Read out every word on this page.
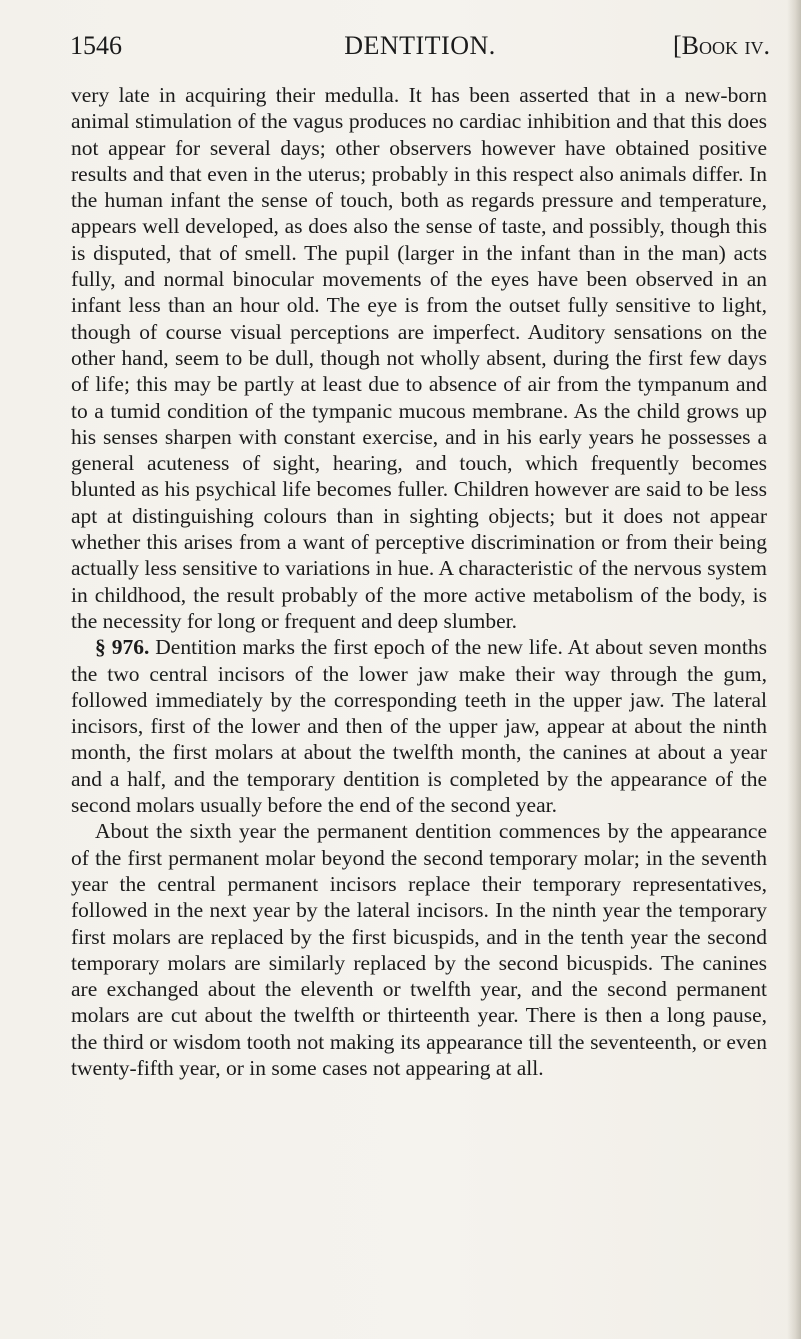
1546	DENTITION.	[Book iv.

very late in acquiring their medulla. It has been asserted that in a new-born animal stimulation of the vagus produces no cardiac inhibition and that this does not appear for several days; other observers however have obtained positive results and that even in the uterus; probably in this respect also animals differ. In the human infant the sense of touch, both as regards pressure and temperature, appears well developed, as does also the sense of taste, and possibly, though this is disputed, that of smell. The pupil (larger in the infant than in the man) acts fully, and normal binocular movements of the eyes have been observed in an infant less than an hour old. The eye is from the outset fully sensitive to light, though of course visual perceptions are imperfect. Auditory sensations on the other hand, seem to be dull, though not wholly absent, during the first few days of life; this may be partly at least due to absence of air from the tympanum and to a tumid condition of the tympanic mucous membrane. As the child grows up his senses sharpen with constant exercise, and in his early years he possesses a general acuteness of sight, hearing, and touch, which frequently becomes blunted as his psychical life becomes fuller. Children however are said to be less apt at distinguishing colours than in sighting objects; but it does not appear whether this arises from a want of perceptive discrimination or from their being actually less sensitive to variations in hue. A characteristic of the nervous system in childhood, the result probably of the more active metabolism of the body, is the necessity for long or frequent and deep slumber.

§ 976. Dentition marks the first epoch of the new life. At about seven months the two central incisors of the lower jaw make their way through the gum, followed immediately by the corresponding teeth in the upper jaw. The lateral incisors, first of the lower and then of the upper jaw, appear at about the ninth month, the first molars at about the twelfth month, the canines at about a year and a half, and the temporary dentition is completed by the appearance of the second molars usually before the end of the second year.

About the sixth year the permanent dentition commences by the appearance of the first permanent molar beyond the second temporary molar; in the seventh year the central permanent incisors replace their temporary representatives, followed in the next year by the lateral incisors. In the ninth year the temporary first molars are replaced by the first bicuspids, and in the tenth year the second temporary molars are similarly replaced by the second bicuspids. The canines are exchanged about the eleventh or twelfth year, and the second permanent molars are cut about the twelfth or thirteenth year. There is then a long pause, the third or wisdom tooth not making its appearance till the seventeenth, or even twenty-fifth year, or in some cases not appearing at all.
